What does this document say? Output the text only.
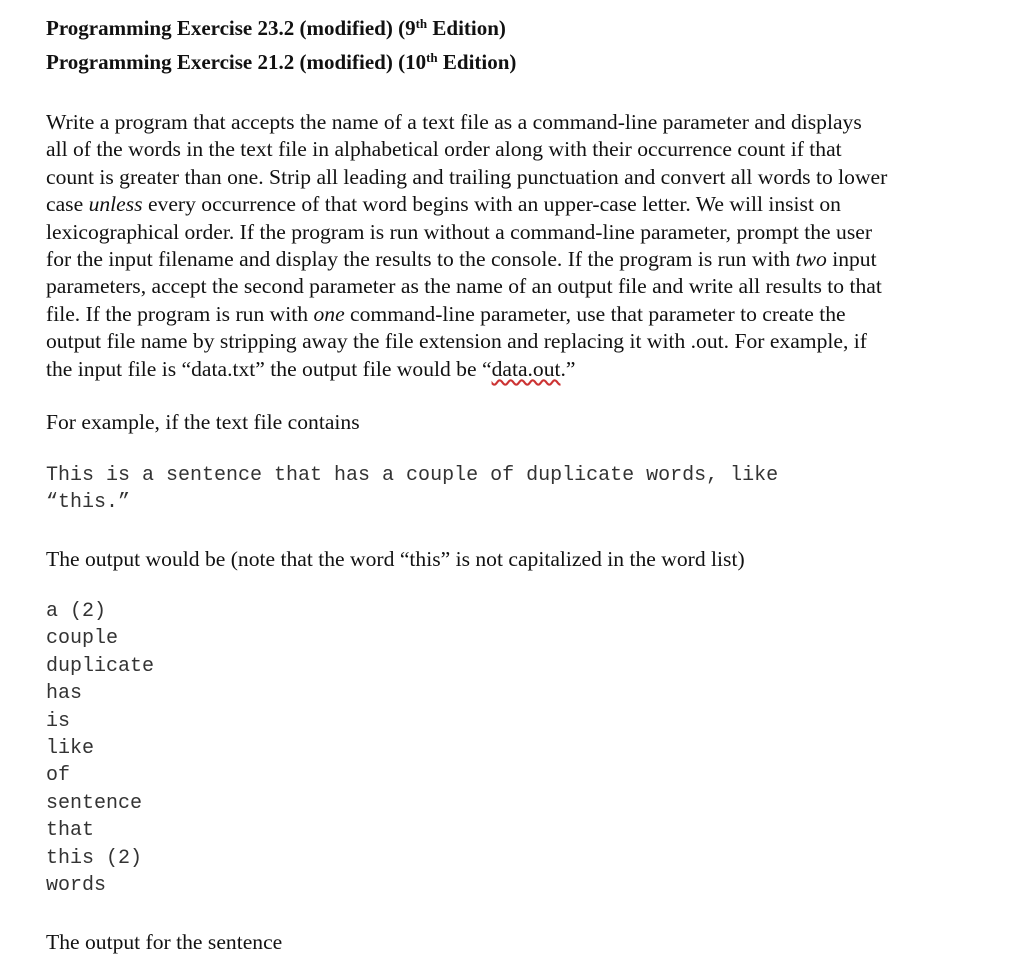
Programming Exercise 23.2 (modified) (9th Edition)
Programming Exercise 21.2 (modified) (10th Edition)

Write a program that accepts the name of a text file as a command-line parameter and displays
all of the words in the text file in alphabetical order along with their occurrence count if that
count is greater than one. Strip all leading and trailing punctuation and convert all words to lower
case unless every occurrence of that word begins with an upper-case letter. We will insist on
lexicographical order. If the program is run without a command-line parameter, prompt the user
for the input filename and display the results to the console. If the program is run with two input
parameters, accept the second parameter as the name of an output file and write all results to that
file. If the program is run with one command-line parameter, use that parameter to create the
output file name by stripping away the file extension and replacing it with .out. For example, if
the input file is “data.txt” the output file would be “data.out.”

For example, if the text file contains

This is a sentence that has a couple of duplicate words, like
“this.”

The output would be (note that the word “this” is not capitalized in the word list)

a (2)
couple
duplicate
has
is
like
of
sentence
that
this (2)
words

The output for the sentence
